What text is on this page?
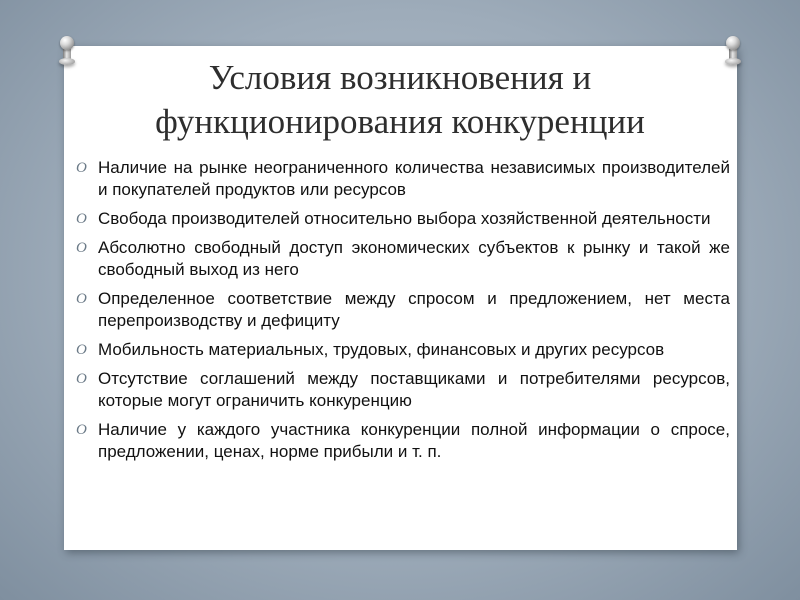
Условия возникновения и
функционирования конкуренции
O Наличие на рынке неограниченного количества независимых производителей и покупателей продуктов или ресурсов
O Свобода производителей относительно выбора хозяйственной деятельности
O Абсолютно свободный доступ экономических субъектов к рынку и такой же свободный выход из него
O Определенное соответствие между спросом и предложением, нет места перепроизводству и дефициту
O Мобильность материальных, трудовых, финансовых и других ресурсов
O Отсутствие соглашений между поставщиками и потребителями ресурсов, которые могут ограничить конкуренцию
O Наличие у каждого участника конкуренции полной информации о спросе, предложении, ценах, норме прибыли и т. п.
